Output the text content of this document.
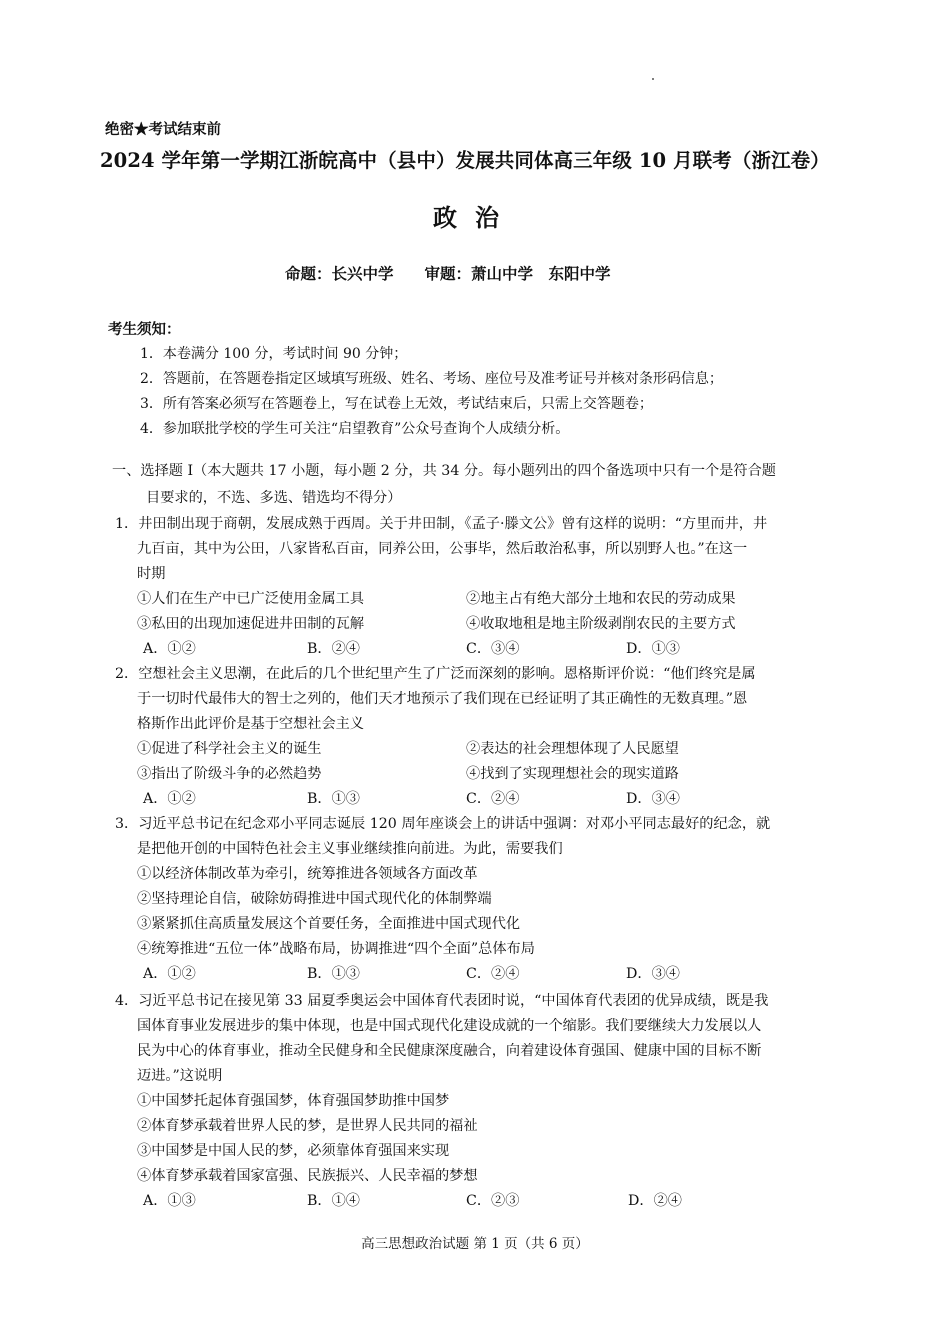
绝密★考试结束前
2024 学年第一学期江浙皖高中（县中）发展共同体高三年级 10 月联考（浙江卷）
政治
命题：长兴中学　　审题：萧山中学　东阳中学
考生须知：
1．本卷满分 100 分，考试时间 90 分钟；
2．答题前，在答题卷指定区域填写班级、姓名、考场、座位号及准考证号并核对条形码信息；
3．所有答案必须写在答题卷上，写在试卷上无效，考试结束后，只需上交答题卷；
4．参加联批学校的学生可关注“启望教育”公众号查询个人成绩分析。
一、选择题 I（本大题共 17 小题，每小题 2 分，共 34 分。每小题列出的四个备选项中只有一个是符合题
目要求的，不选、多选、错选均不得分）
1．井田制出现于商朝，发展成熟于西周。关于井田制，《孟子·滕文公》曾有这样的说明：“方里而井，井
九百亩，其中为公田，八家皆私百亩，同养公田，公事毕，然后敢治私事，所以别野人也。”在这一
时期
①人们在生产中已广泛使用金属工具	②地主占有绝大部分土地和农民的劳动成果
③私田的出现加速促进井田制的瓦解	④收取地租是地主阶级剥削农民的主要方式
A．①②	B．②④	C．③④	D．①③
2．空想社会主义思潮，在此后的几个世纪里产生了广泛而深刻的影响。恩格斯评价说：“他们终究是属
于一切时代最伟大的智士之列的，他们天才地预示了我们现在已经证明了其正确性的无数真理。”恩
格斯作出此评价是基于空想社会主义
①促进了科学社会主义的诞生	②表达的社会理想体现了人民愿望
③指出了阶级斗争的必然趋势	④找到了实现理想社会的现实道路
A．①②	B．①③	C．②④	D．③④
3．习近平总书记在纪念邓小平同志诞辰 120 周年座谈会上的讲话中强调：对邓小平同志最好的纪念，就
是把他开创的中国特色社会主义事业继续推向前进。为此，需要我们
①以经济体制改革为牵引，统筹推进各领域各方面改革
②坚持理论自信，破除妨碍推进中国式现代化的体制弊端
③紧紧抓住高质量发展这个首要任务，全面推进中国式现代化
④统筹推进“五位一体”战略布局，协调推进“四个全面”总体布局
A．①②	B．①③	C．②④	D．③④
4．习近平总书记在接见第 33 届夏季奥运会中国体育代表团时说，“中国体育代表团的优异成绩，既是我
国体育事业发展进步的集中体现，也是中国式现代化建设成就的一个缩影。我们要继续大力发展以人
民为中心的体育事业，推动全民健身和全民健康深度融合，向着建设体育强国、健康中国的目标不断
迈进。”这说明
①中国梦托起体育强国梦，体育强国梦助推中国梦
②体育梦承载着世界人民的梦，是世界人民共同的福祉
③中国梦是中国人民的梦，必须靠体育强国来实现
④体育梦承载着国家富强、民族振兴、人民幸福的梦想
A．①③	B．①④	C．②③	D．②④
高三思想政治试题 第 1 页（共 6 页）
